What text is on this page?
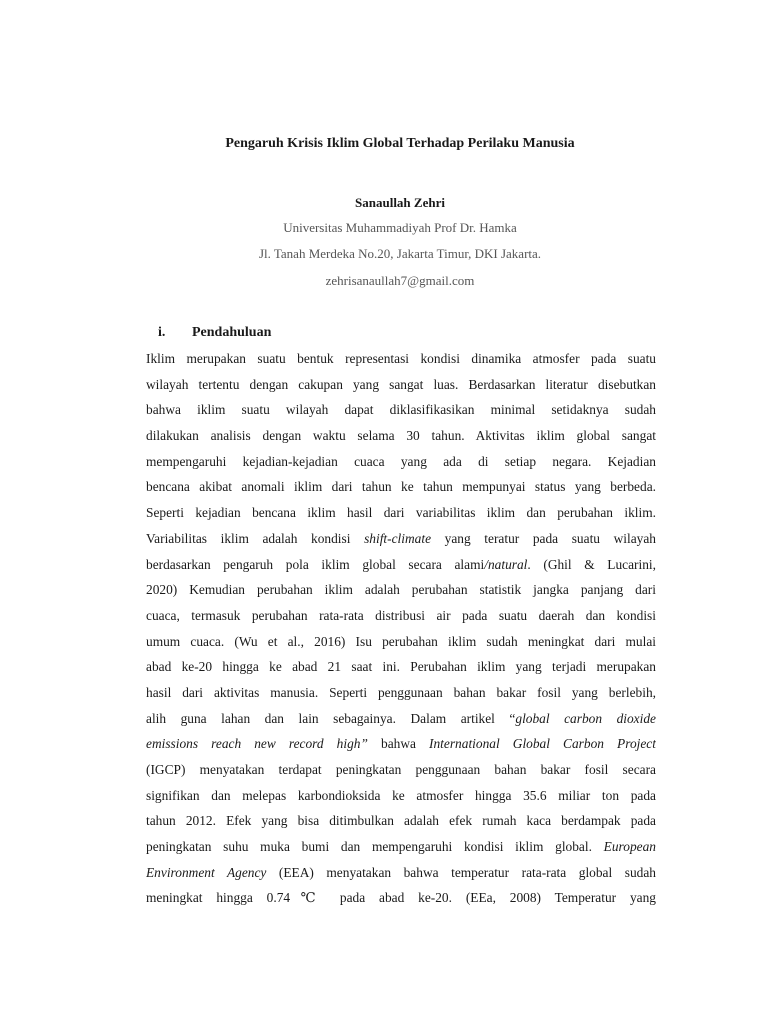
Pengaruh Krisis Iklim Global Terhadap Perilaku Manusia
Sanaullah Zehri
Universitas Muhammadiyah Prof Dr. Hamka
Jl. Tanah Merdeka No.20, Jakarta Timur, DKI Jakarta.
zehrisanaullah7@gmail.com
i. Pendahuluan
Iklim merupakan suatu bentuk representasi kondisi dinamika atmosfer pada suatu
wilayah tertentu dengan cakupan yang sangat luas. Berdasarkan literatur disebutkan
bahwa iklim suatu wilayah dapat diklasifikasikan minimal setidaknya sudah
dilakukan analisis dengan waktu selama 30 tahun. Aktivitas iklim global sangat
mempengaruhi kejadian-kejadian cuaca yang ada di setiap negara. Kejadian
bencana akibat anomali iklim dari tahun ke tahun mempunyai status yang berbeda.
Seperti kejadian bencana iklim hasil dari variabilitas iklim dan perubahan iklim.
Variabilitas iklim adalah kondisi shift-climate yang teratur pada suatu wilayah
berdasarkan pengaruh pola iklim global secara alami/natural. (Ghil & Lucarini,
2020) Kemudian perubahan iklim adalah perubahan statistik jangka panjang dari
cuaca, termasuk perubahan rata-rata distribusi air pada suatu daerah dan kondisi
umum cuaca. (Wu et al., 2016) Isu perubahan iklim sudah meningkat dari mulai
abad ke-20 hingga ke abad 21 saat ini. Perubahan iklim yang terjadi merupakan
hasil dari aktivitas manusia. Seperti penggunaan bahan bakar fosil yang berlebih,
alih guna lahan dan lain sebagainya. Dalam artikel “global carbon dioxide
emissions reach new record high” bahwa International Global Carbon Project
(IGCP) menyatakan terdapat peningkatan penggunaan bahan bakar fosil secara
signifikan dan melepas karbondioksida ke atmosfer hingga 35.6 miliar ton pada
tahun 2012. Efek yang bisa ditimbulkan adalah efek rumah kaca berdampak pada
peningkatan suhu muka bumi dan mempengaruhi kondisi iklim global. European
Environment Agency (EEA) menyatakan bahwa temperatur rata-rata global sudah
meningkat hingga 0.74℃ pada abad ke-20. (EEa, 2008) Temperatur yang
